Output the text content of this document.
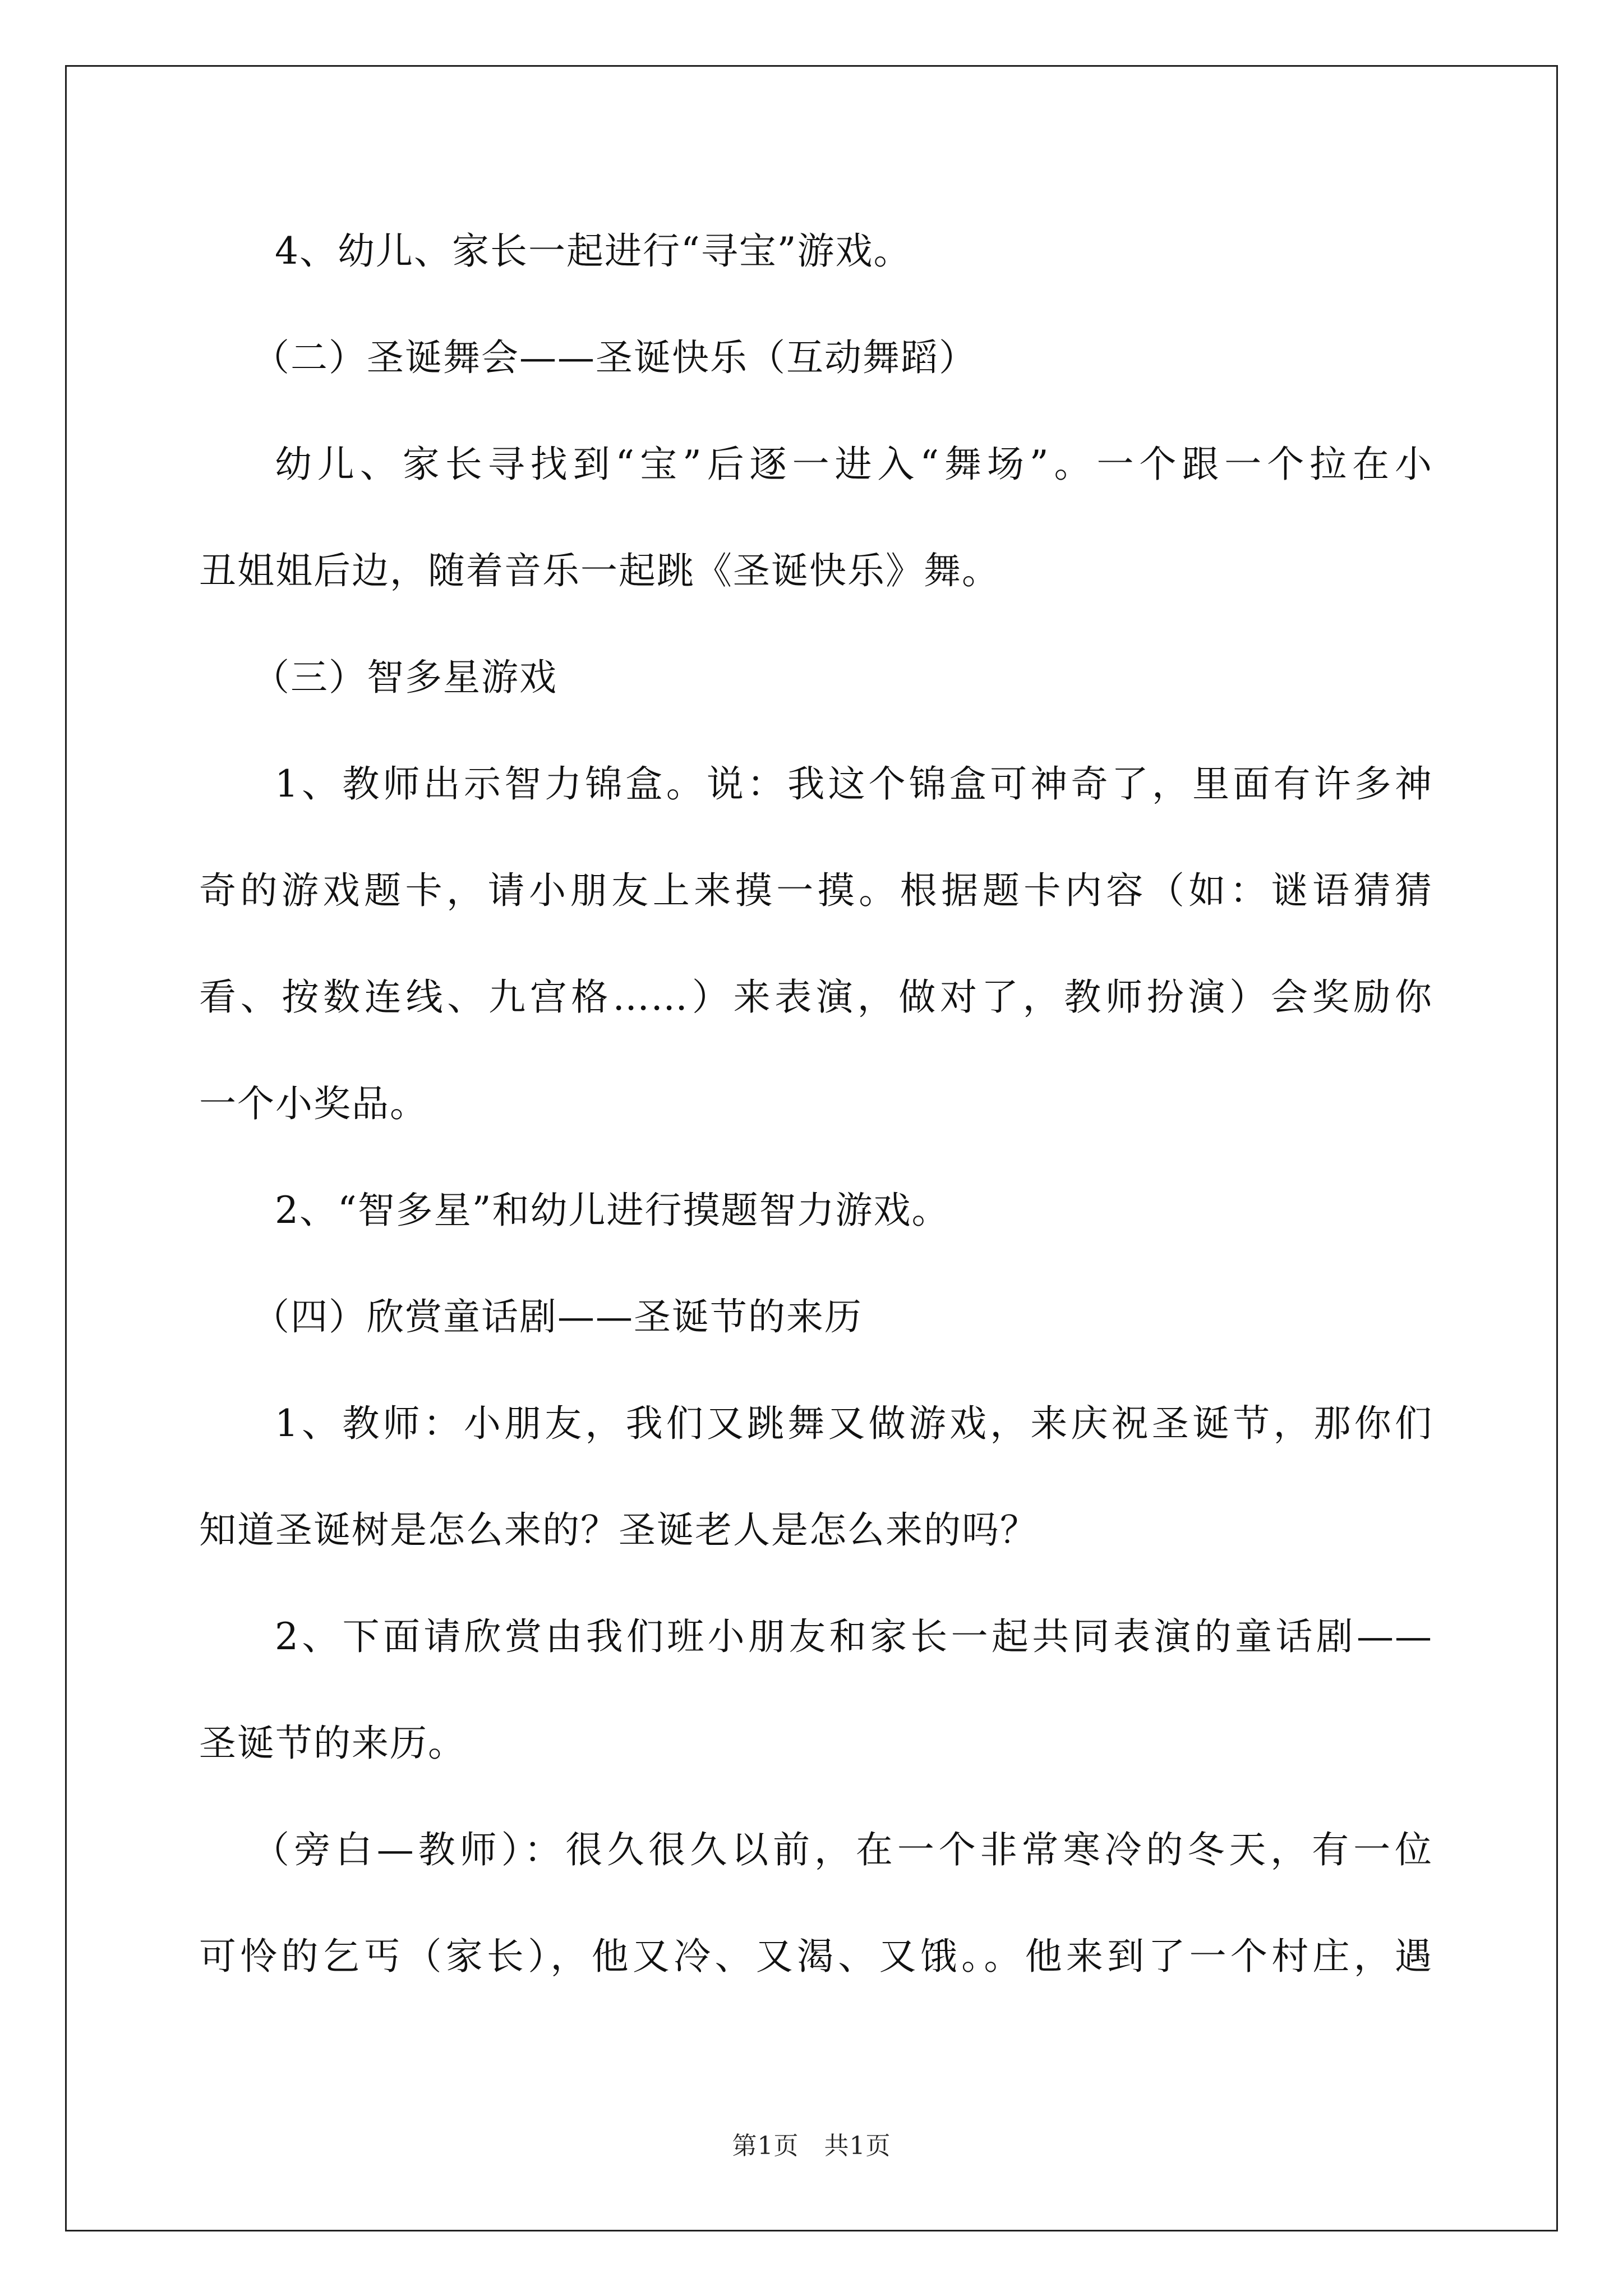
4、幼儿、家长一起进行“寻宝”游戏。
（二）圣诞舞会——圣诞快乐（互动舞蹈）
幼儿、家长寻找到“宝”后逐一进入“舞场”。一个跟一个拉在小
丑姐姐后边，随着音乐一起跳《圣诞快乐》舞。
（三）智多星游戏
1、教师出示智力锦盒。说：我这个锦盒可神奇了，里面有许多神
奇的游戏题卡，请小朋友上来摸一摸。根据题卡内容（如：谜语猜猜
看、按数连线、九宫格……）来表演，做对了，教师扮演）会奖励你
一个小奖品。
2、“智多星”和幼儿进行摸题智力游戏。
（四）欣赏童话剧——圣诞节的来历
1、教师：小朋友，我们又跳舞又做游戏，来庆祝圣诞节，那你们
知道圣诞树是怎么来的？圣诞老人是怎么来的吗？
2、下面请欣赏由我们班小朋友和家长一起共同表演的童话剧——
圣诞节的来历。
（旁白—教师）：很久很久以前，在一个非常寒冷的冬天，有一位
可怜的乞丐（家长），他又冷、又渴、又饿。。他来到了一个村庄，遇
第1页　共1页
